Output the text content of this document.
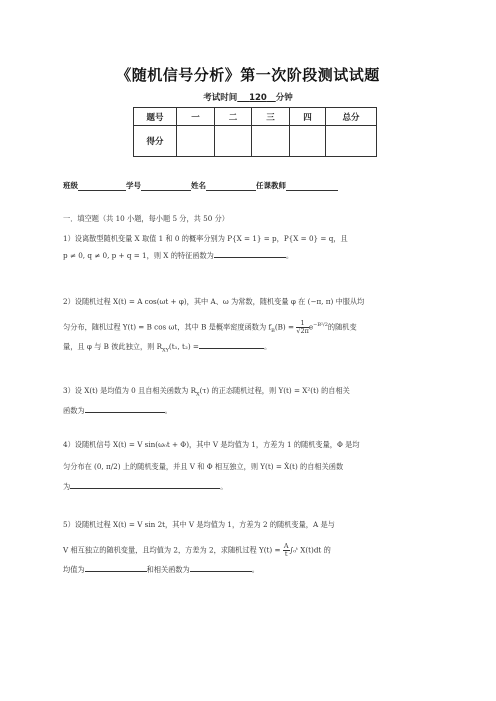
《随机信号分析》第一次阶段测试试题
考试时间 120 分钟
题号	一	二	三	四	总分
得分					
班级	学号	姓名	任课教师
一．填空题（共 10 小题，每小题 5 分，共 50 分）
1）设离散型随机变量 X 取值 1 和 0 的概率分别为 P{X = 1} = p，P{X = 0} = q，且
p ≠ 0, q ≠ 0, p + q = 1，则 X 的特征函数为	。
2）设随机过程 X(t) = A cos(ωt + φ)，其中 A、ω 为常数，随机变量 φ 在 (−π, π) 中服从均
匀分布，随机过程 Y(t) = B cos ωt，其中 B 是概率密度函数为 $f_B(B) = \frac{1}{√2\pi} e^{-B^2/2}$的随机变
量，且 φ 与 B 彼此独立，则 $R_{XY}(t_1$, t₂) =	。
3）设 X(t) 是均值为 0 且自相关函数为 $R_X(\tau)$ 的正态随机过程，则 Y(t) = X²(t) 的自相关
函数为	。
4）设随机信号 X(t) = V sin(ω₀t + Φ)，其中 V 是均值为 1，方差为 1 的随机变量，Φ 是均
匀分布在 (0, π/2) 上的随机变量，并且 V 和 Φ 相互独立，则 Y(t) = Ẋ(t) 的自相关函数
为	。
5）设随机过程 X(t) = V sin 2t，其中 V 是均值为 1，方差为 2 的随机变量，A 是与
V 相互独立的随机变量，且均值为 2，方差为 2，求随机过程 $Y(t) = \frac{A}{t}$ ∫₀ᵗ X(t)dt 的
均值为	和相关函数为	。
